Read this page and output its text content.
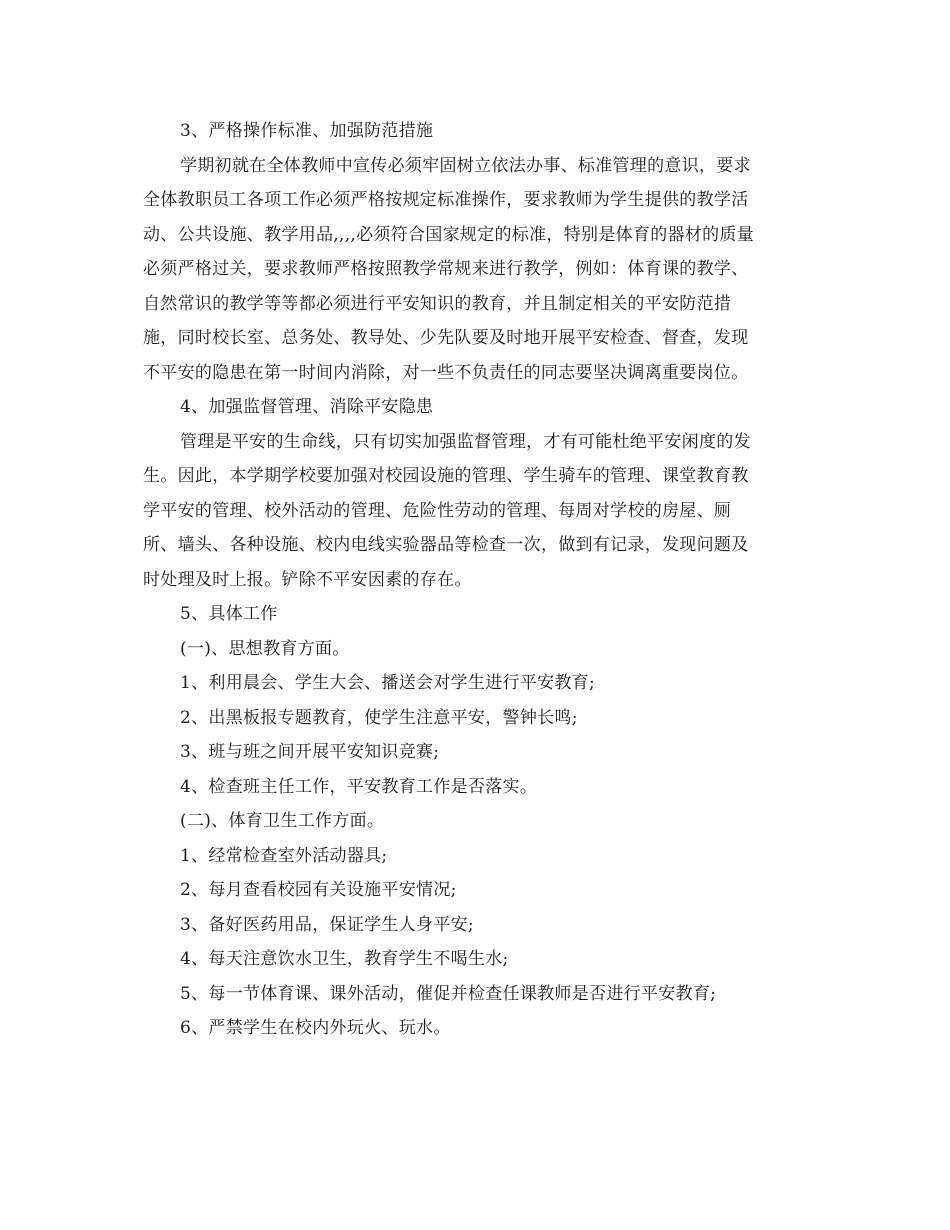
3、严格操作标准、加强防范措施
学期初就在全体教师中宣传必须牢固树立依法办事、标准管理的意识，要求
全体教职员工各项工作必须严格按规定标准操作，要求教师为学生提供的教学活
动、公共设施、教学用品,,,,必须符合国家规定的标准，特别是体育的器材的质量
必须严格过关，要求教师严格按照教学常规来进行教学，例如：体育课的教学、
自然常识的教学等等都必须进行平安知识的教育，并且制定相关的平安防范措
施，同时校长室、总务处、教导处、少先队要及时地开展平安检查、督查，发现
不平安的隐患在第一时间内消除，对一些不负责任的同志要坚决调离重要岗位。
4、加强监督管理、消除平安隐患
管理是平安的生命线，只有切实加强监督管理，才有可能杜绝平安闲度的发
生。因此，本学期学校要加强对校园设施的管理、学生骑车的管理、课堂教育教
学平安的管理、校外活动的管理、危险性劳动的管理、每周对学校的房屋、厕
所、墙头、各种设施、校内电线实验器品等检查一次，做到有记录，发现问题及
时处理及时上报。铲除不平安因素的存在。
5、具体工作
(一)、思想教育方面。
1、利用晨会、学生大会、播送会对学生进行平安教育;
2、出黑板报专题教育，使学生注意平安，警钟长鸣;
3、班与班之间开展平安知识竞赛;
4、检查班主任工作，平安教育工作是否落实。
(二)、体育卫生工作方面。
1、经常检查室外活动器具;
2、每月查看校园有关设施平安情况;
3、备好医药用品，保证学生人身平安;
4、每天注意饮水卫生，教育学生不喝生水;
5、每一节体育课、课外活动，催促并检查任课教师是否进行平安教育;
6、严禁学生在校内外玩火、玩水。
